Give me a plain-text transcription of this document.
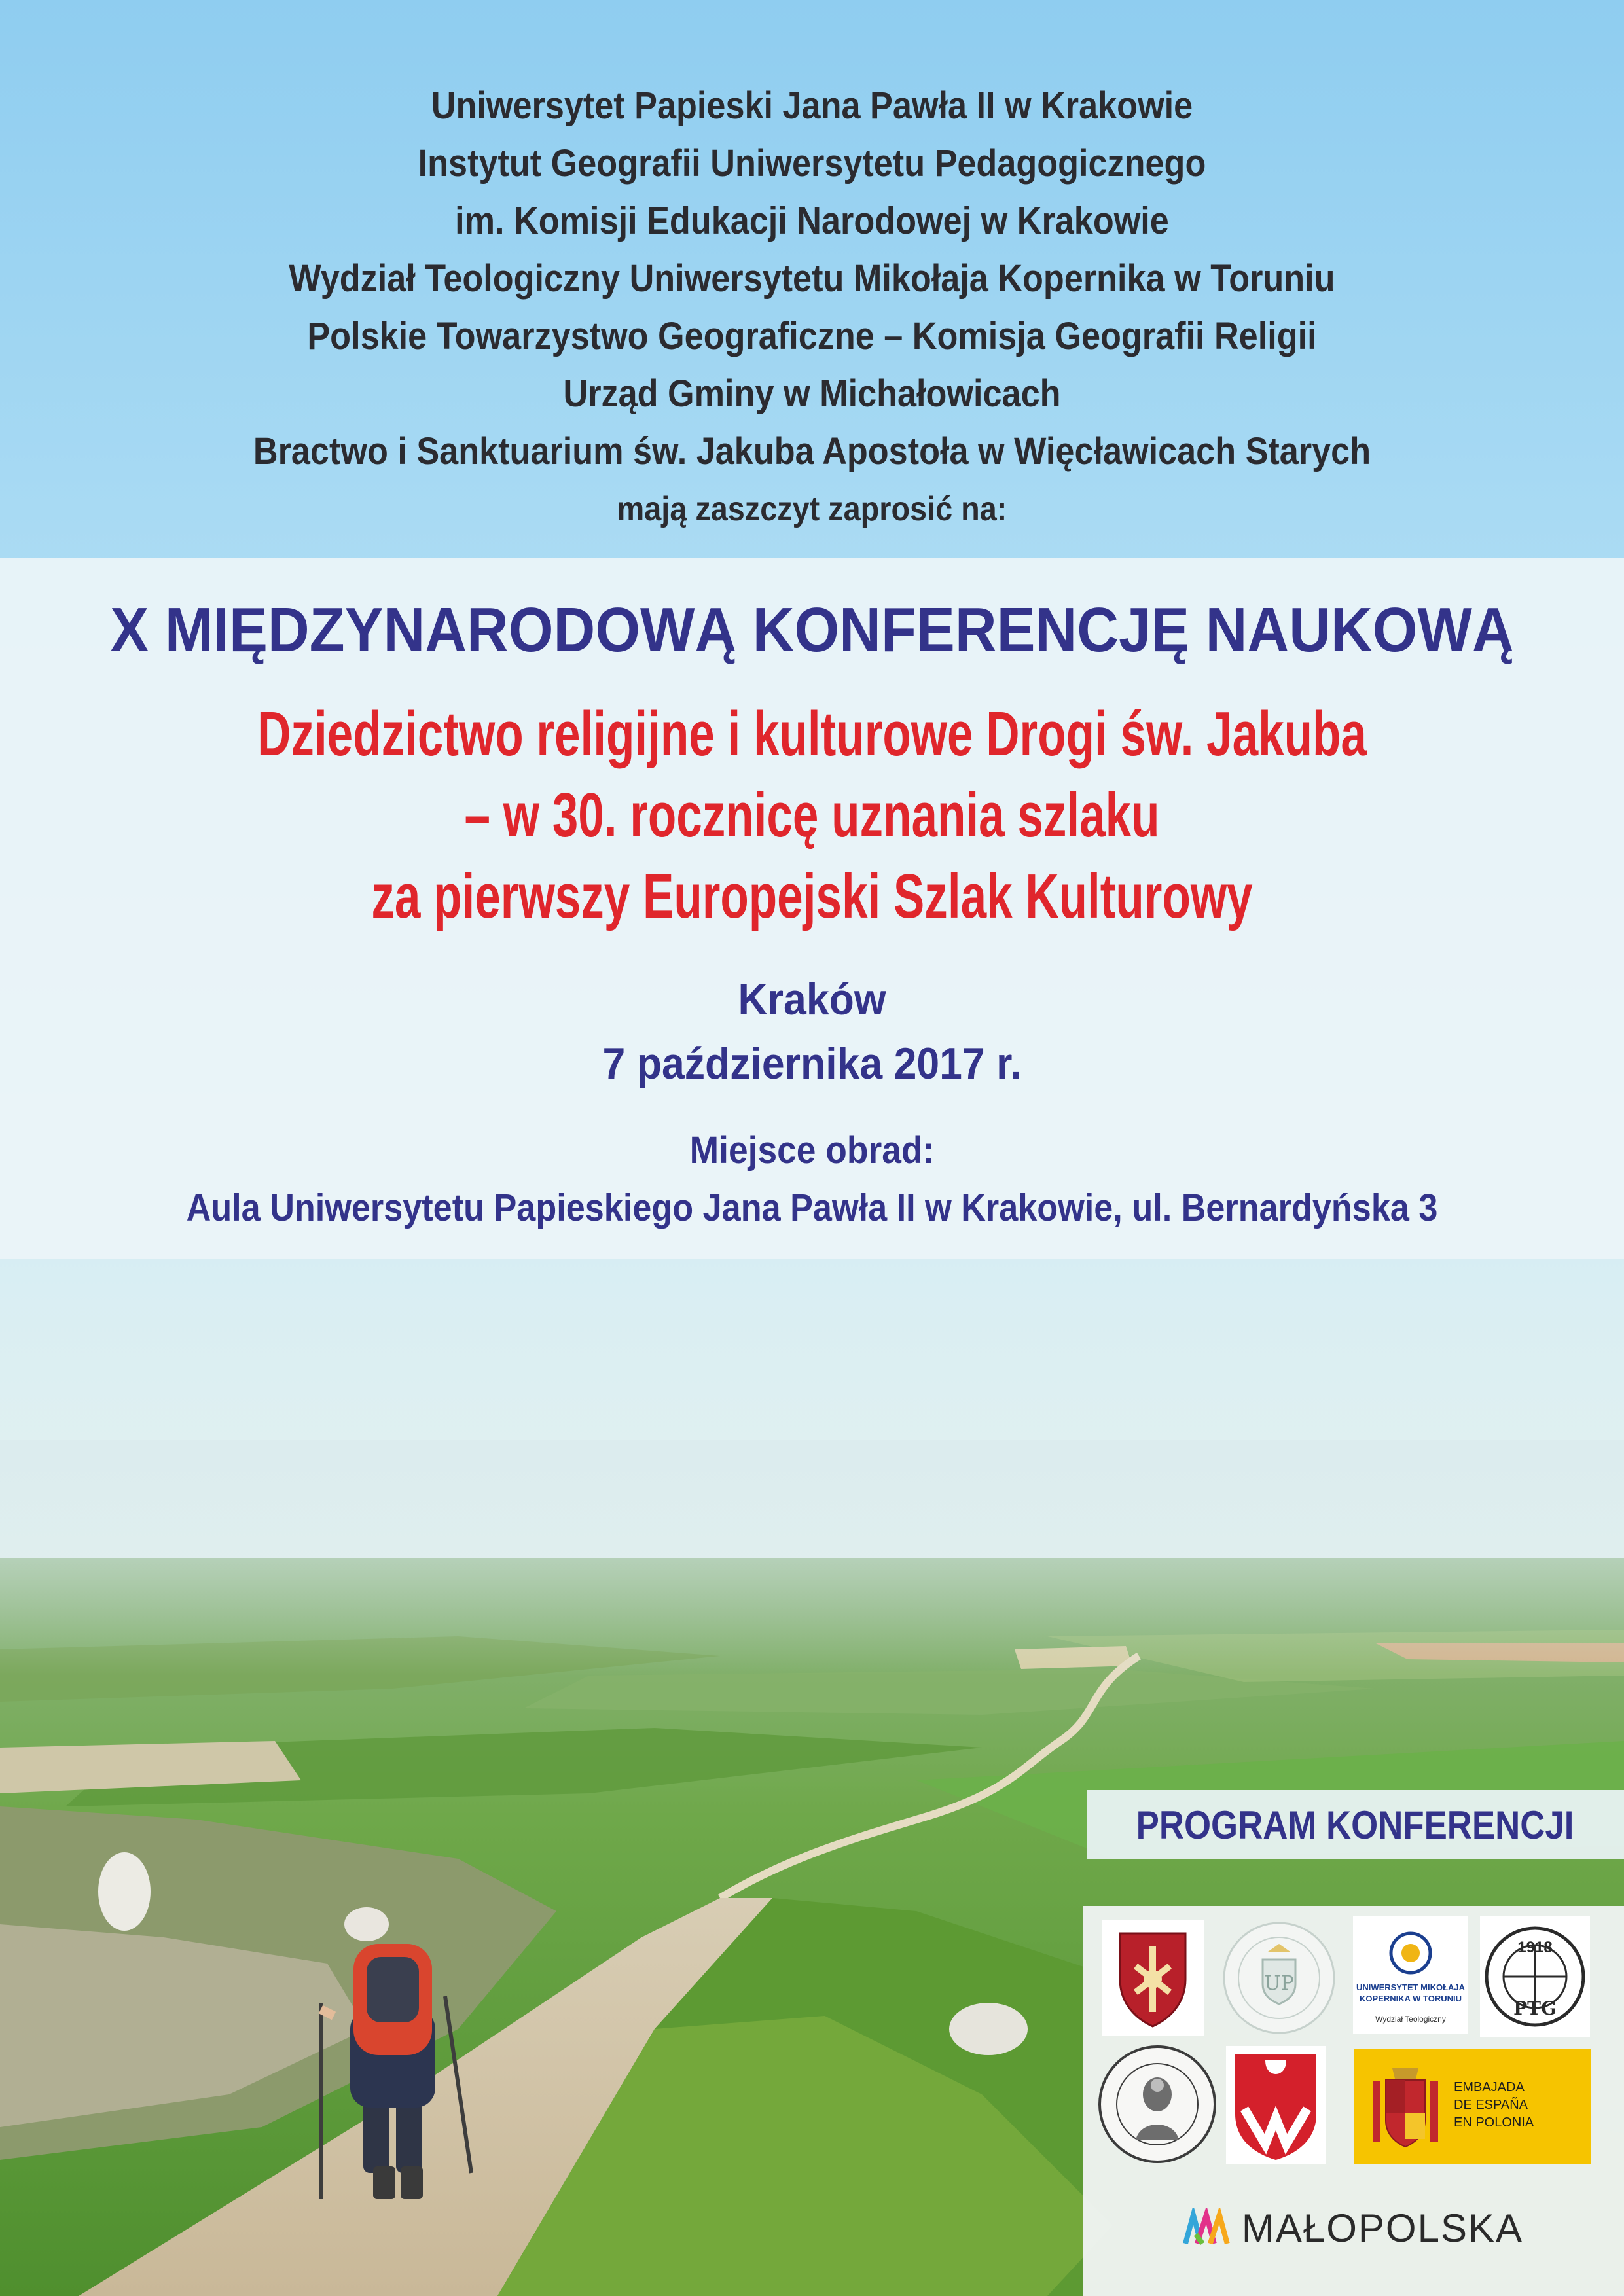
Uniwersytet Papieski Jana Pawła II w Krakowie
Instytut Geografii Uniwersytetu Pedagogicznego
im. Komisji Edukacji Narodowej w Krakowie
Wydział Teologiczny Uniwersytetu Mikołaja Kopernika w Toruniu
Polskie Towarzystwo Geograficzne – Komisja Geografii Religii
Urząd Gminy w Michałowicach
Bractwo i Sanktuarium św. Jakuba Apostoła w Więcławicach Starych
mają zaszczyt zaprosić na:
X MIĘDZYNARODOWĄ KONFERENCJĘ NAUKOWĄ
Dziedzictwo religijne i kulturowe Drogi św. Jakuba
– w 30. rocznicę uznania szlaku
za pierwszy Europejski Szlak Kulturowy
Kraków
7 października 2017 r.
Miejsce obrad:
Aula Uniwersytetu Papieskiego Jana Pawła II w Krakowie, ul. Bernardyńska 3
PROGRAM KONFERENCJI
UP	UNIWERSYTET MIKOŁAJA KOPERNIKA W TORUNIU
Wydział Teologiczny
1918
PTG
EMBAJADA
DE ESPAÑA
EN POLONIA
MAŁOPOLSKA
